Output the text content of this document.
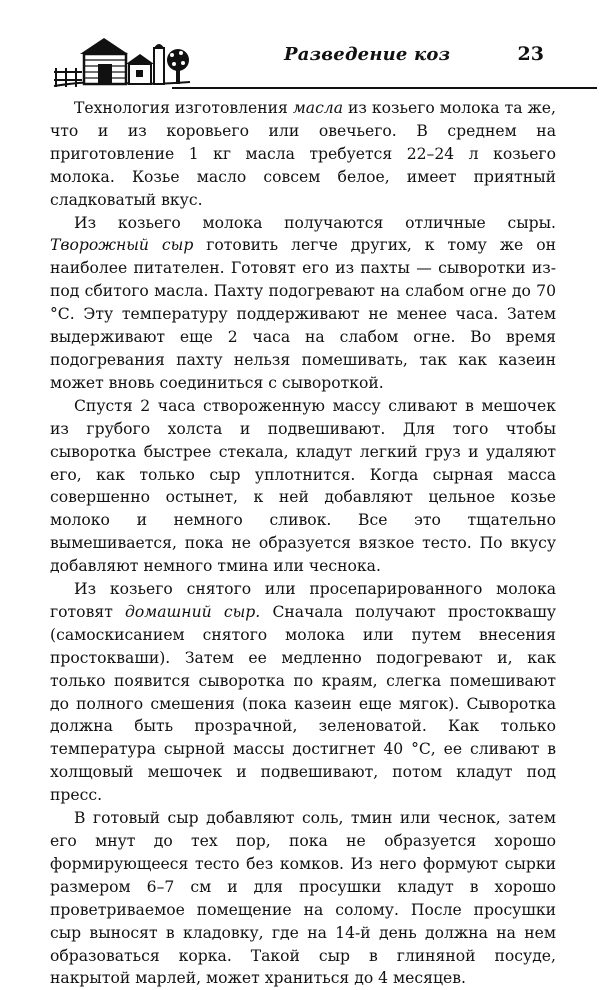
Разведение коз	23

Технология изготовления масла из козьего молока та же, что и из коровьего или овечьего. В среднем на приготовление 1 кг масла требуется 22–24 л козьего молока. Козье масло совсем белое, имеет приятный сладковатый вкус.

Из козьего молока получаются отличные сыры. Творожный сыр готовить легче других, к тому же он наиболее питателен. Готовят его из пахты — сыворотки из-под сбитого масла. Пахту подогревают на слабом огне до 70 °С. Эту температуру поддерживают не менее часа. Затем выдерживают еще 2 часа на слабом огне. Во время подогревания пахту нельзя помешивать, так как казеин может вновь соединиться с сывороткой.

Спустя 2 часа створоженную массу сливают в мешочек из грубого холста и подвешивают. Для того чтобы сыворотка быстрее стекала, кладут легкий груз и удаляют его, как только сыр уплотнится. Когда сырная масса совершенно остынет, к ней добавляют цельное козье молоко и немного сливок. Все это тщательно вымешивается, пока не образуется вязкое тесто. По вкусу добавляют немного тмина или чеснока.

Из козьего снятого или просепарированного молока готовят домашний сыр. Сначала получают простоквашу (самоскисанием снятого молока или путем внесения простокваши). Затем ее медленно подогревают и, как только появится сыворотка по краям, слегка помешивают до полного смешения (пока казеин еще мягок). Сыворотка должна быть прозрачной, зеленоватой. Как только температура сырной массы достигнет 40 °С, ее сливают в холщовый мешочек и подвешивают, потом кладут под пресс.

В готовый сыр добавляют соль, тмин или чеснок, затем его мнут до тех пор, пока не образуется хорошо формирующееся тесто без комков. Из него формуют сырки размером 6–7 см и для просушки кладут в хорошо проветриваемое помещение на солому. После просушки сыр выносят в кладовку, где на 14-й день должна на нем образоваться корка. Такой сыр в глиняной посуде, накрытой марлей, может храниться до 4 месяцев.
